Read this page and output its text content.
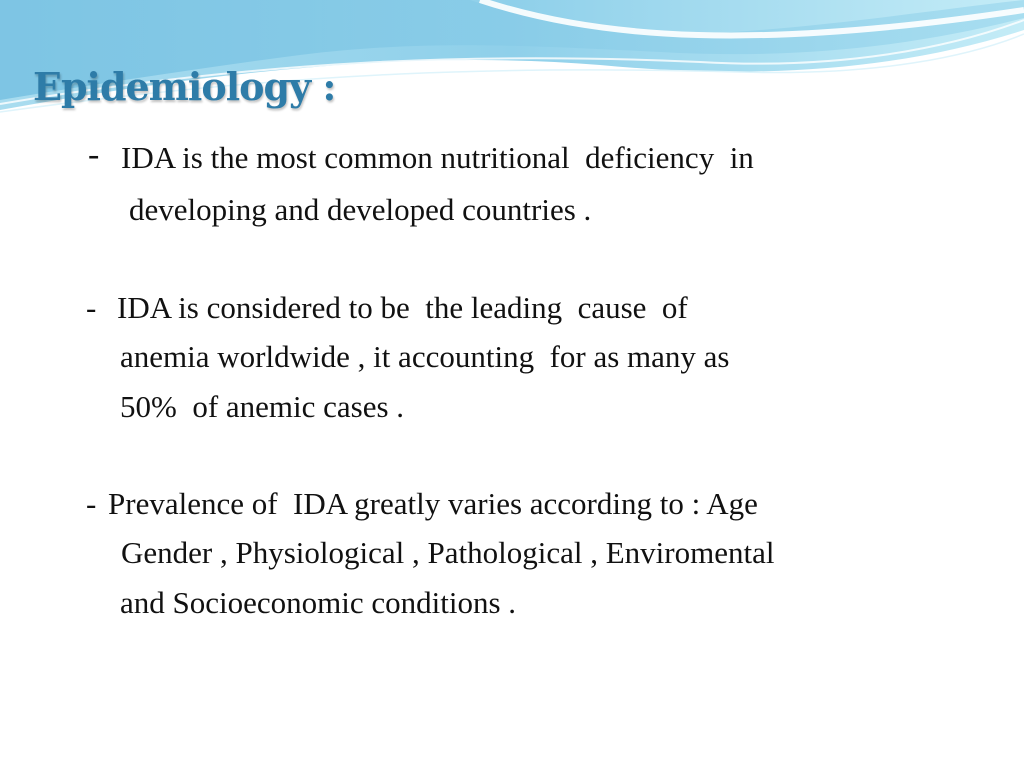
Epidemiology :
- IDA is the most common nutritional  deficiency  in
developing and developed countries .
- IDA is considered to be  the leading  cause  of
anemia worldwide , it accounting  for as many as
50%  of anemic cases .
- Prevalence of  IDA greatly varies according to : Age
Gender , Physiological , Pathological , Enviromental
and Socioeconomic conditions .
